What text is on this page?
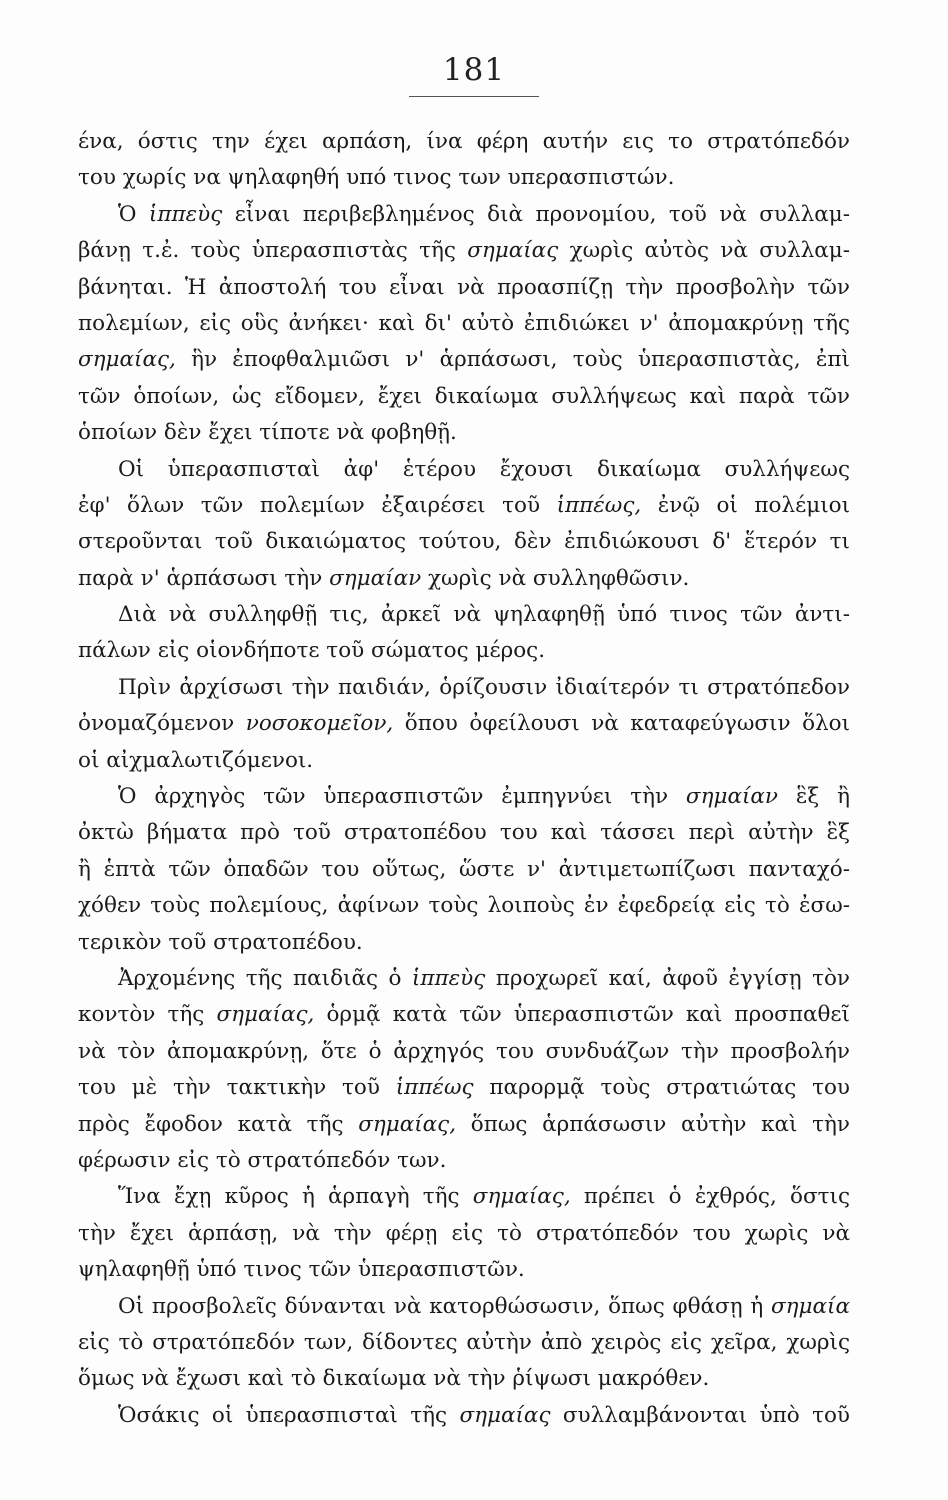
181
ένα, όστις την έχει αρπάση, ίνα φέρη αυτήν εις το στρατόπεδόν
του χωρίς να ψηλαφηθή υπό τινος των υπερασπιστών.
Ὁ ἱππεὺς εἶναι περιβεβλημένος διὰ προνομίου, τοῦ νὰ συλλαμ-
βάνῃ τ.ἐ. τοὺς ὑπερασπιστὰς τῆς σημαίας χωρὶς αὐτὸς νὰ συλλαμ-
βάνηται. Ἡ ἀποστολή του εἶναι νὰ προασπίζῃ τὴν προσβολὴν τῶν
πολεμίων, εἰς οὓς ἀνήκει· καὶ δι' αὐτὸ ἐπιδιώκει ν' ἀπομακρύνῃ τῆς
σημαίας, ἣν ἐποφθαλμιῶσι ν' ἁρπάσωσι, τοὺς ὑπερασπιστὰς, ἐπὶ
τῶν ὁποίων, ὡς εἴδομεν, ἔχει δικαίωμα συλλήψεως καὶ παρὰ τῶν
ὁποίων δὲν ἔχει τίποτε νὰ φοβηθῇ.
Οἱ ὑπερασπισταὶ ἀφ' ἑτέρου ἔχουσι δικαίωμα συλλήψεως
ἐφ' ὅλων τῶν πολεμίων ἐξαιρέσει τοῦ ἱππέως, ἐνῷ οἱ πολέμιοι
στεροῦνται τοῦ δικαιώματος τούτου, δὲν ἐπιδιώκουσι δ' ἕτερόν τι
παρὰ ν' ἁρπάσωσι τὴν σημαίαν χωρὶς νὰ συλληφθῶσιν.
Διὰ νὰ συλληφθῇ τις, ἀρκεῖ νὰ ψηλαφηθῇ ὑπό τινος τῶν ἀντι-
πάλων εἰς οἱονδήποτε τοῦ σώματος μέρος.
Πρὶν ἀρχίσωσι τὴν παιδιάν, ὁρίζουσιν ἰδιαίτερόν τι στρατόπεδον
ὀνομαζόμενον νοσοκομεῖον, ὅπου ὀφείλουσι νὰ καταφεύγωσιν ὅλοι
οἱ αἰχμαλωτιζόμενοι.
Ὁ ἀρχηγὸς τῶν ὑπερασπιστῶν ἐμπηγνύει τὴν σημαίαν ἓξ ἢ
ὀκτὼ βήματα πρὸ τοῦ στρατοπέδου του καὶ τάσσει περὶ αὐτὴν ἓξ
ἢ ἑπτὰ τῶν ὀπαδῶν του οὕτως, ὥστε ν' ἀντιμετωπίζωσι πανταχό-
χόθεν τοὺς πολεμίους, ἀφίνων τοὺς λοιποὺς ἐν ἐφεδρείᾳ εἰς τὸ ἐσω-
τερικὸν τοῦ στρατοπέδου.
Ἀρχομένης τῆς παιδιᾶς ὁ ἱππεὺς προχωρεῖ καί, ἀφοῦ ἐγγίσῃ τὸν
κοντὸν τῆς σημαίας, ὁρμᾷ κατὰ τῶν ὑπερασπιστῶν καὶ προσπαθεῖ
νὰ τὸν ἀπομακρύνῃ, ὅτε ὁ ἀρχηγός του συνδυάζων τὴν προσβολήν
του μὲ τὴν τακτικὴν τοῦ ἱππέως παρορμᾷ τοὺς στρατιώτας του
πρὸς ἔφοδον κατὰ τῆς σημαίας, ὅπως ἁρπάσωσιν αὐτὴν καὶ τὴν
φέρωσιν εἰς τὸ στρατόπεδόν των.
Ἵνα ἔχῃ κῦρος ἡ ἁρπαγὴ τῆς σημαίας, πρέπει ὁ ἐχθρός, ὅστις
τὴν ἔχει ἁρπάσῃ, νὰ τὴν φέρῃ εἰς τὸ στρατόπεδόν του χωρὶς νὰ
ψηλαφηθῇ ὑπό τινος τῶν ὑπερασπιστῶν.
Οἱ προσβολεῖς δύνανται νὰ κατορθώσωσιν, ὅπως φθάσῃ ἡ σημαία
εἰς τὸ στρατόπεδόν των, δίδοντες αὐτὴν ἀπὸ χειρὸς εἰς χεῖρα, χωρὶς
ὅμως νὰ ἔχωσι καὶ τὸ δικαίωμα νὰ τὴν ῥίψωσι μακρόθεν.
Ὁσάκις οἱ ὑπερασπισταὶ τῆς σημαίας συλλαμβάνονται ὑπὸ τοῦ
